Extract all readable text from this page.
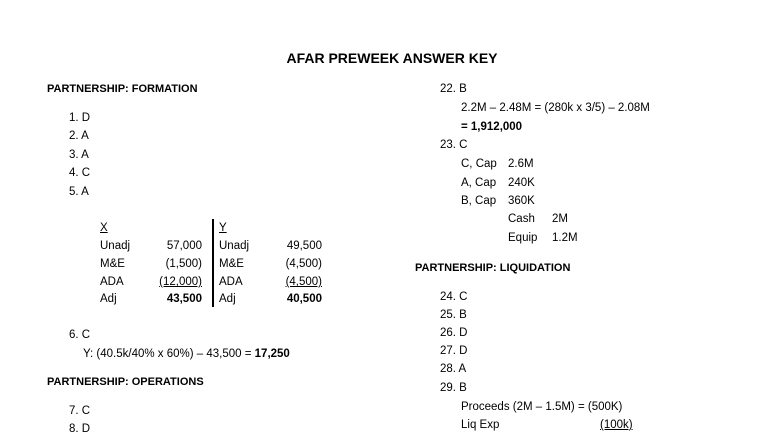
AFAR PREWEEK ANSWER KEY
PARTNERSHIP: FORMATION
1. D
2. A
3. A
4. C
5. A
X	Y
Unadj	57,000 Unadj	49,500
M&E	(1,500) M&E	(4,500)
ADA	(12,000) ADA	(4,500)
Adj	43,500 Adj	40,500
6. C
Y: (40.5k/40% x 60%) – 43,500 = 17,250
PARTNERSHIP: OPERATIONS
7. C
8. D
22. B
2.2M – 2.48M = (280k x 3/5) – 2.08M
= 1,912,000
23. C
C, Cap 2.6M
A, Cap 240K
B, Cap 360K
Cash 2M
Equip 1.2M
PARTNERSHIP: LIQUIDATION
24. C
25. B
26. D
27. D
28. A
29. B
Proceeds (2M – 1.5M) = (500K)
Liq Exp	(100k)
